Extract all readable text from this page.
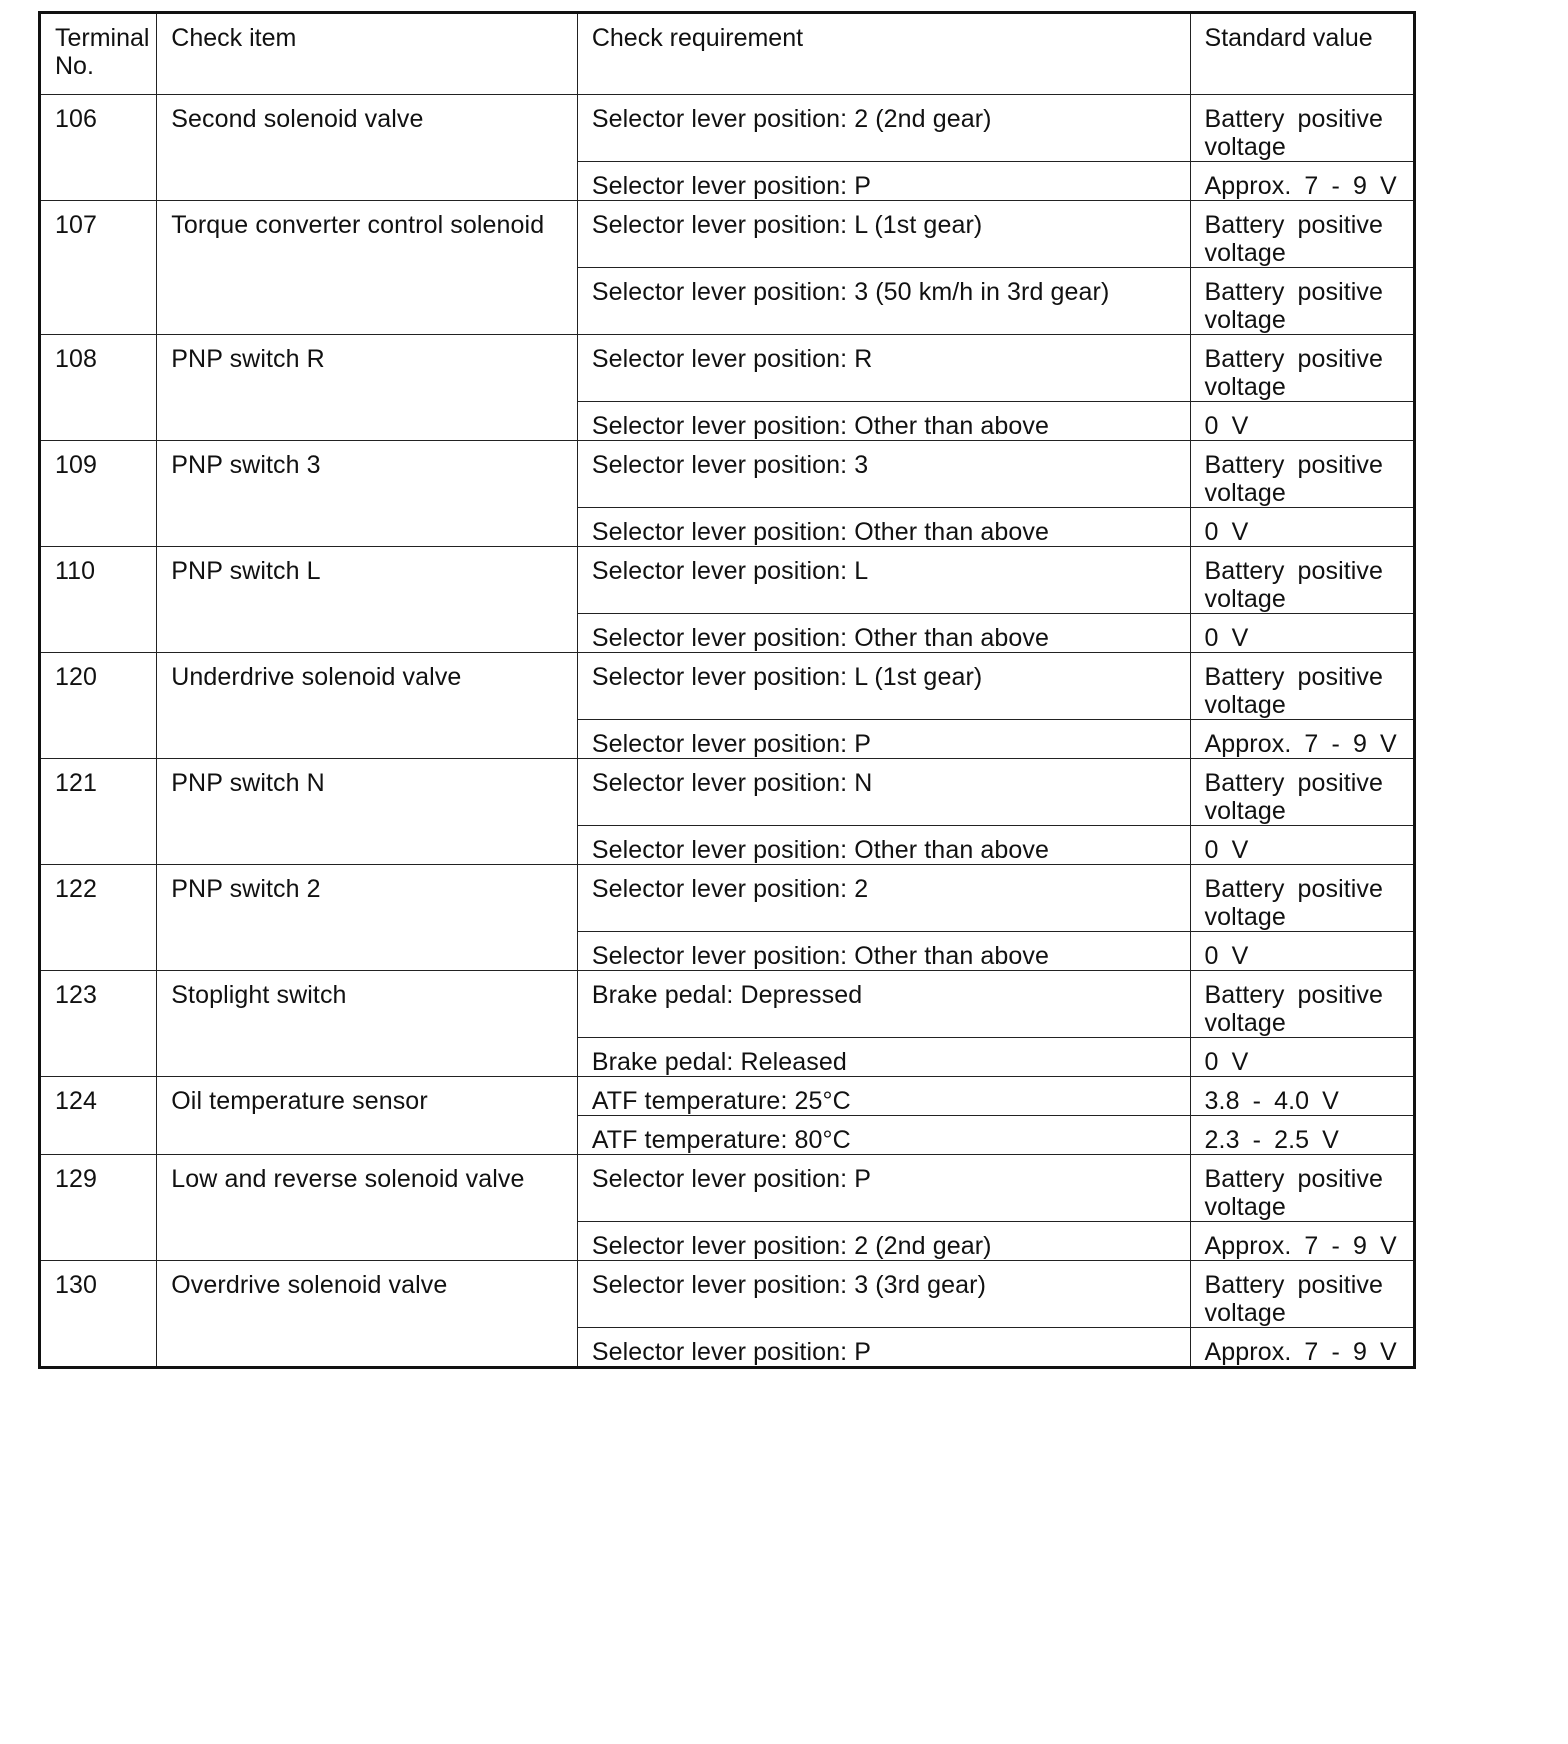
Terminal No.	Check item	Check requirement	Standard value
106	Second solenoid valve	Selector lever position: 2 (2nd gear)	Battery positive voltage
		Selector lever position: P	Approx. 7 - 9 V
107	Torque converter control solenoid	Selector lever position: L (1st gear)	Battery positive voltage
		Selector lever position: 3 (50 km/h in 3rd gear)	Battery positive voltage
108	PNP switch R	Selector lever position: R	Battery positive voltage
		Selector lever position: Other than above	0 V
109	PNP switch 3	Selector lever position: 3	Battery positive voltage
		Selector lever position: Other than above	0 V
110	PNP switch L	Selector lever position: L	Battery positive voltage
		Selector lever position: Other than above	0 V
120	Underdrive solenoid valve	Selector lever position: L (1st gear)	Battery positive voltage
		Selector lever position: P	Approx. 7 - 9 V
121	PNP switch N	Selector lever position: N	Battery positive voltage
		Selector lever position: Other than above	0 V
122	PNP switch 2	Selector lever position: 2	Battery positive voltage
		Selector lever position: Other than above	0 V
123	Stoplight switch	Brake pedal: Depressed	Battery positive voltage
		Brake pedal: Released	0 V
124	Oil temperature sensor	ATF temperature: 25°C	3.8 - 4.0 V
		ATF temperature: 80°C	2.3 - 2.5 V
129	Low and reverse solenoid valve	Selector lever position: P	Battery positive voltage
		Selector lever position: 2 (2nd gear)	Approx. 7 - 9 V
130	Overdrive solenoid valve	Selector lever position: 3 (3rd gear)	Battery positive voltage
		Selector lever position: P	Approx. 7 - 9 V
